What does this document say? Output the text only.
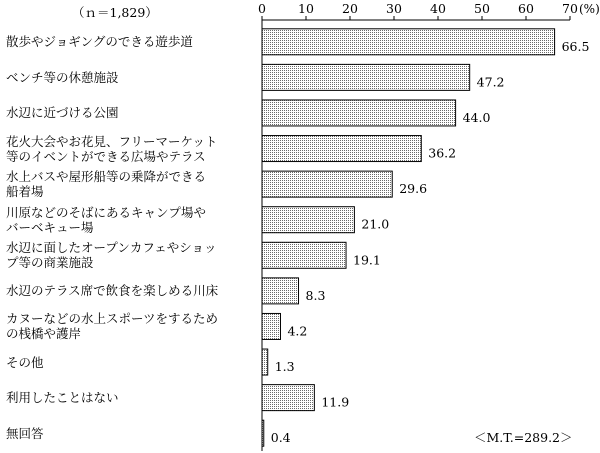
（ｎ＝1,829）	0	10 20 30 40 50 60 70 (%)
66.5
47.2
44.0
36.2
29.6
21.0
19.1
8.3
4.2
1.3
11.9
0.4
散歩やジョギングのできる遊歩道
ベンチ等の休憩施設
水辺に近づける公園
花火大会やお花見、フリーマーケット
等のイベントができる広場やテラス
水上バスや屋形船等の乗降ができる
船着場
川原などのそばにあるキャンプ場や
バーベキュー場
水辺に面したオープンカフェやショッ
プ等の商業施設
水辺のテラス席で飲食を楽しめる川床
カヌーなどの水上スポーツをするため
の桟橋や護岸
その他
利用したことはない
無回答	＜M.T.=289.2＞
